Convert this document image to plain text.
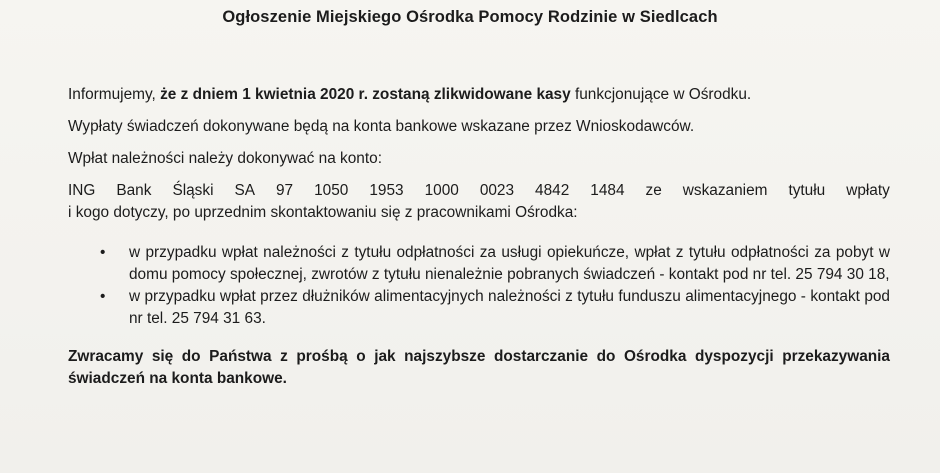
Ogłoszenie Miejskiego Ośrodka Pomocy Rodzinie w Siedlcach

Informujemy, że z dniem 1 kwietnia 2020 r. zostaną zlikwidowane kasy funkcjonujące w Ośrodku.

Wypłaty świadczeń dokonywane będą na konta bankowe wskazane przez Wnioskodawców.

Wpłat należności należy dokonywać na konto:

ING Bank Śląski SA 97 1050 1953 1000 0023 4842 1484 ze wskazaniem tytułu wpłaty
i kogo dotyczy, po uprzednim skontaktowaniu się z pracownikami Ośrodka:
•	w przypadku wpłat należności z tytułu odpłatności za usługi opiekuńcze, wpłat z tytułu odpłatności za pobyt w domu pomocy społecznej, zwrotów z tytułu nienależnie pobranych świadczeń - kontakt pod nr tel. 25 794 30 18,
•	w przypadku wpłat przez dłużników alimentacyjnych należności z tytułu funduszu alimentacyjnego - kontakt pod nr tel. 25 794 31 63.

Zwracamy się do Państwa z prośbą o jak najszybsze dostarczanie do Ośrodka dyspozycji przekazywania świadczeń na konta bankowe.
